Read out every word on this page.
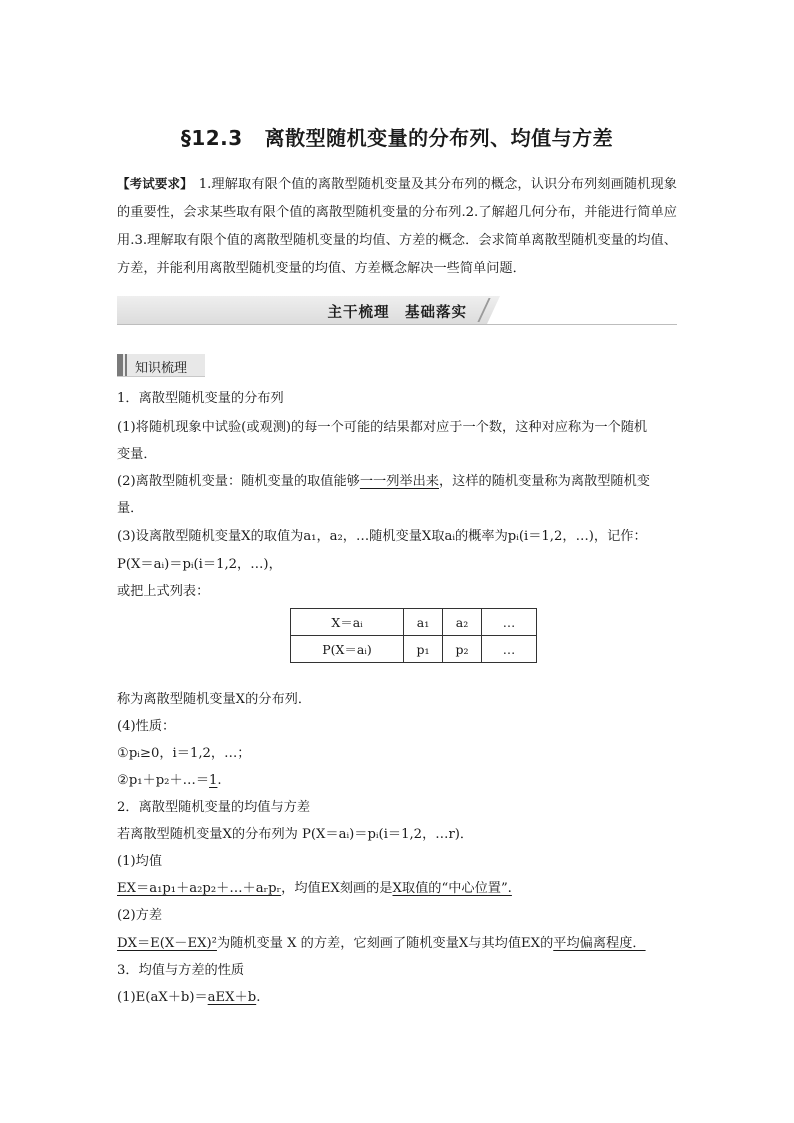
§12.3 离散型随机变量的分布列、均值与方差
【考试要求】 1.理解取有限个值的离散型随机变量及其分布列的概念，认识分布列刻画随机现象的重要性，会求某些取有限个值的离散型随机变量的分布列.2.了解超几何分布，并能进行简单应用.3.理解取有限个值的离散型随机变量的均值、方差的概念．会求简单离散型随机变量的均值、方差，并能利用离散型随机变量的均值、方差概念解决一些简单问题．
主干梳理　基础落实
知识梳理
1．离散型随机变量的分布列
(1)将随机现象中试验(或观测)的每一个可能的结果都对应于一个数，这种对应称为一个随机
变量．
(2)离散型随机变量：随机变量的取值能够一一列举出来，这样的随机变量称为离散型随机变
量．
(3)设离散型随机变量X的取值为a₁，a₂，…随机变量X取aᵢ的概率为pᵢ(i＝1,2，…)，记作：
P(X＝aᵢ)＝pᵢ(i＝1,2，…)，
或把上式列表：
X＝aᵢ	a₁	a₂	…
P(X＝aᵢ)	p₁	p₂	…
称为离散型随机变量X的分布列．
(4)性质：
①pᵢ≥0，i＝1,2，…；
②p₁＋p₂＋…＝1.
2．离散型随机变量的均值与方差
若离散型随机变量X的分布列为 P(X＝aᵢ)＝pᵢ(i＝1,2，…r)．
(1)均值
EX＝a₁p₁＋a₂p₂＋…＋aᵣpᵣ，均值EX刻画的是X取值的“中心位置”.
(2)方差
DX＝E(X－EX)²为随机变量 X 的方差，它刻画了随机变量X与其均值EX的平均偏离程度．
3．均值与方差的性质
(1)E(aX＋b)＝aEX＋b.
